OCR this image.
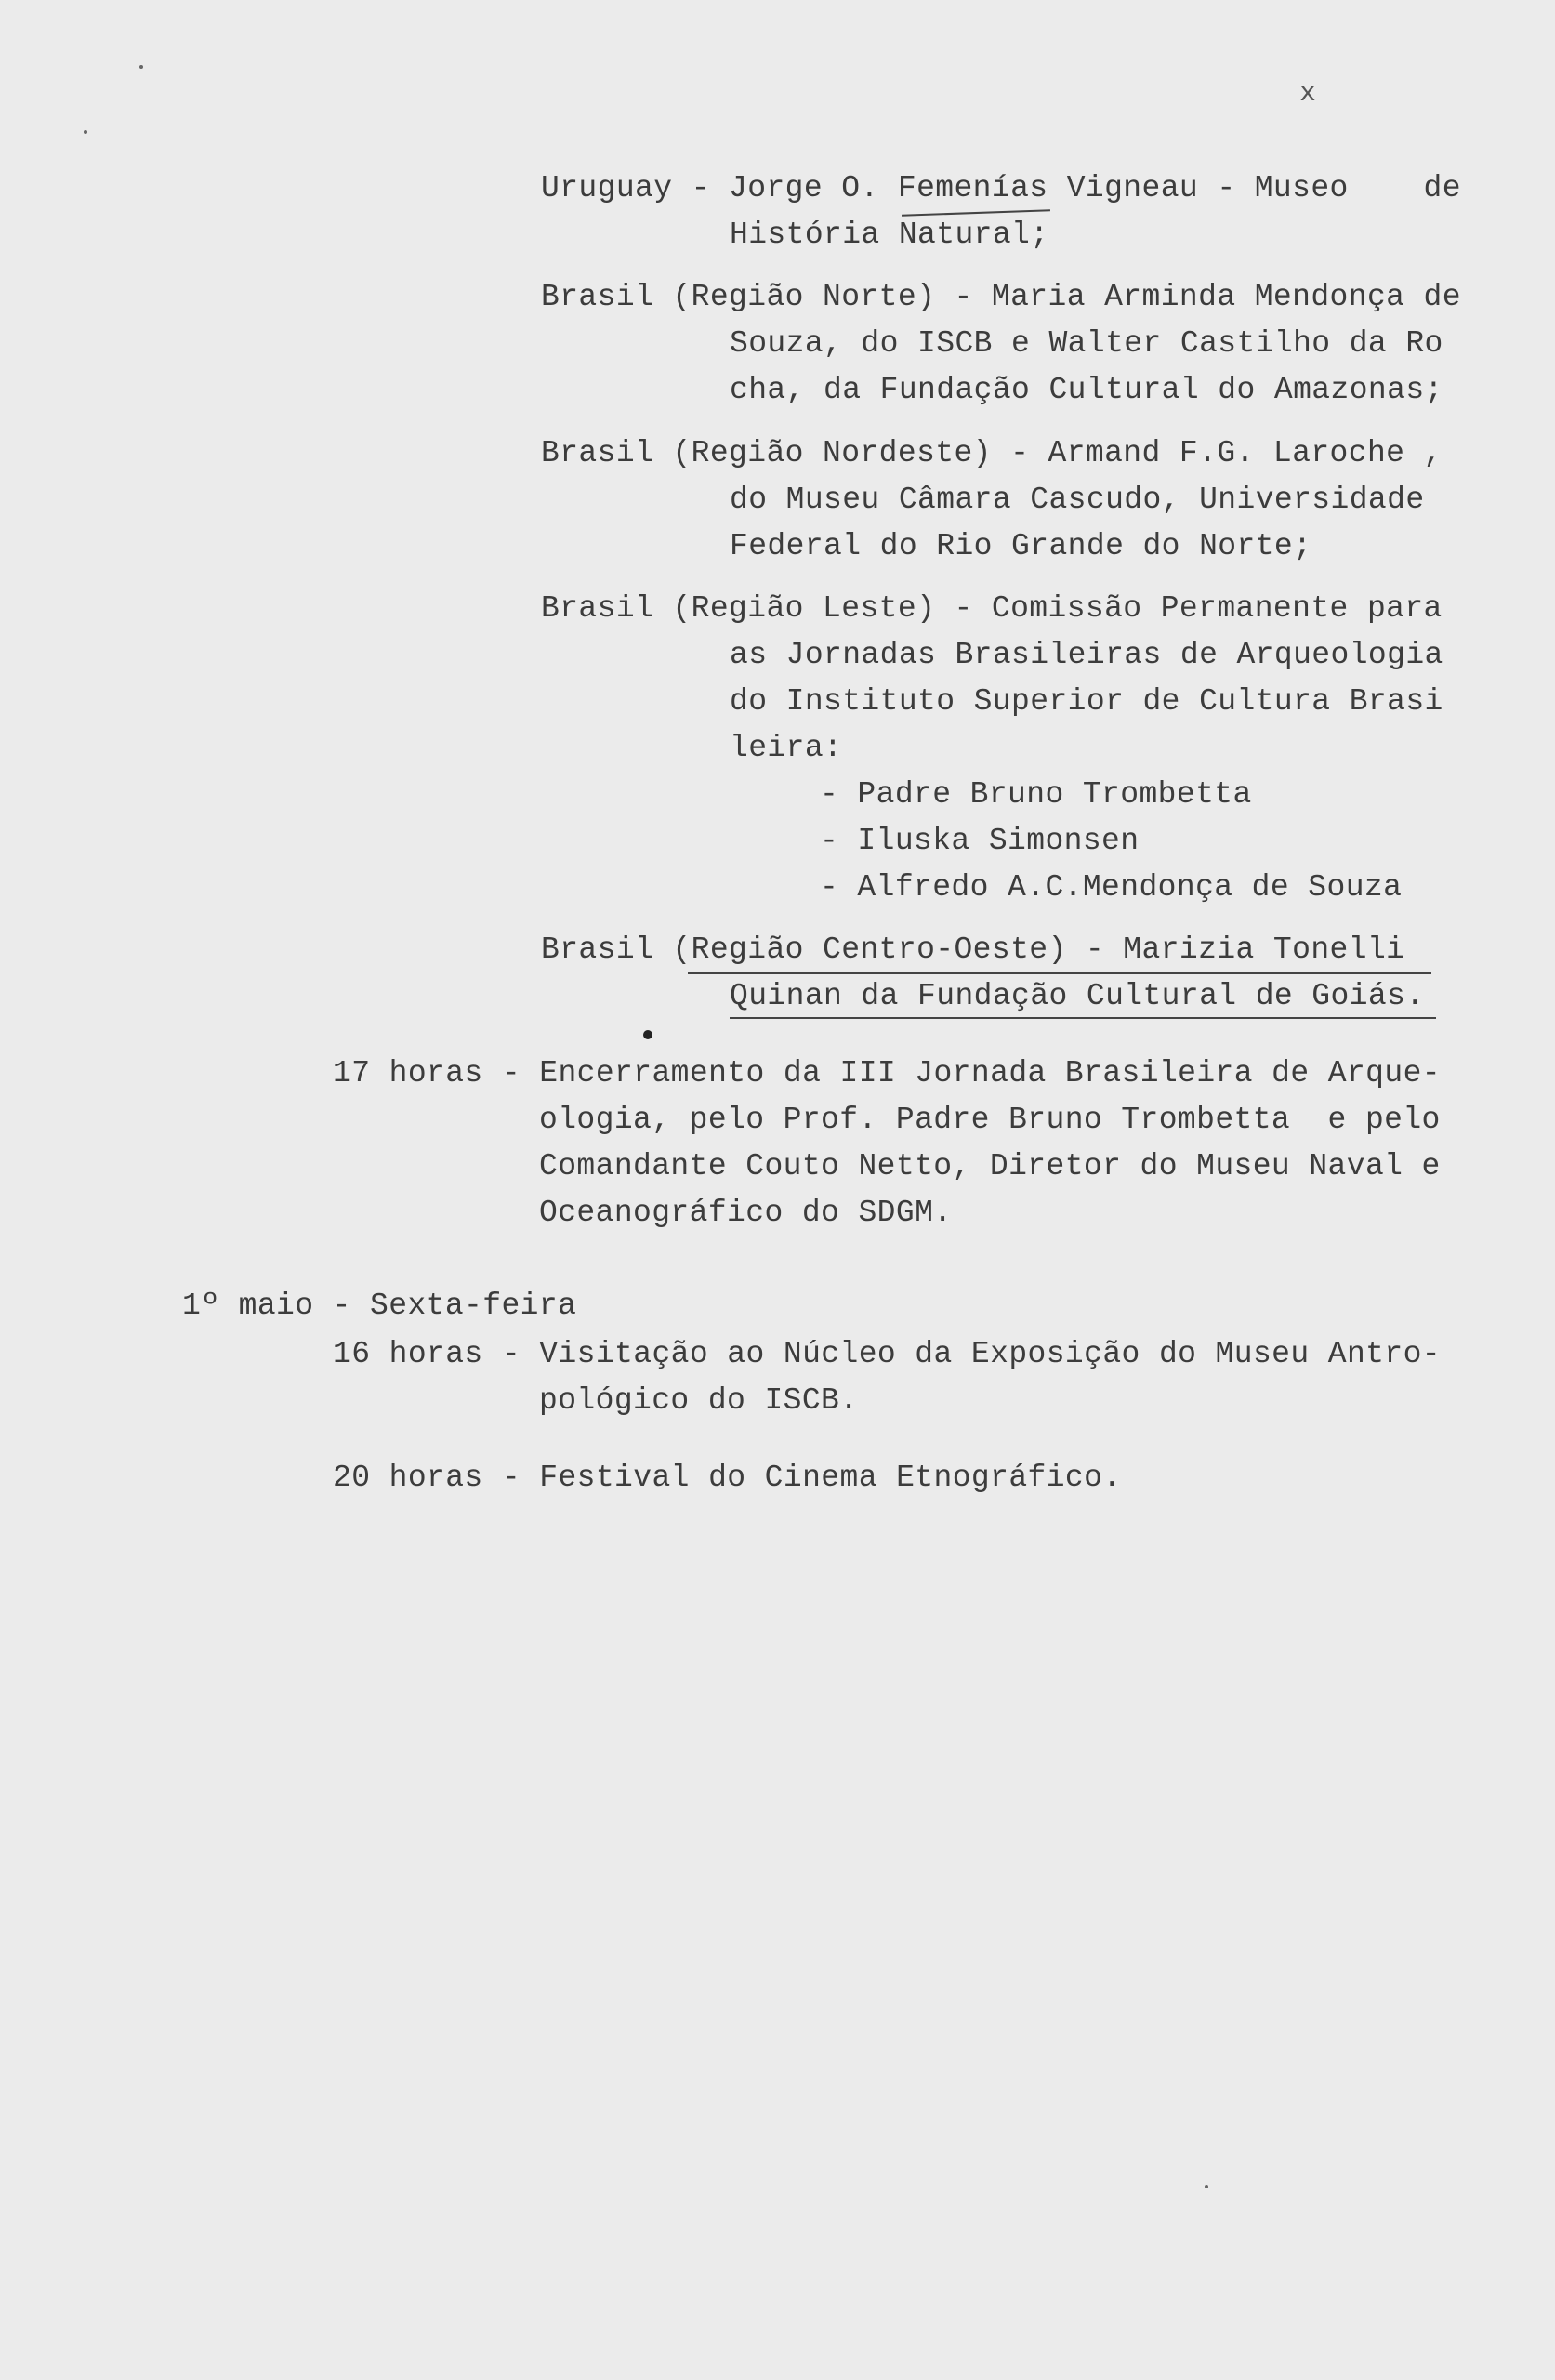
x
Uruguay - Jorge O. Femenías Vigneau - Museo    de
História Natural;
Brasil (Região Norte) - Maria Arminda Mendonça de
Souza, do ISCB e Walter Castilho da Ro
cha, da Fundação Cultural do Amazonas;
Brasil (Região Nordeste) - Armand F.G. Laroche ,
do Museu Câmara Cascudo, Universidade
Federal do Rio Grande do Norte;
Brasil (Região Leste) - Comissão Permanente para
as Jornadas Brasileiras de Arqueologia
do Instituto Superior de Cultura Brasi
leira:
- Padre Bruno Trombetta
- Iluska Simonsen
- Alfredo A.C.Mendonça de Souza
Brasil (Região Centro-Oeste) - Marizia Tonelli
Quinan da Fundação Cultural de Goiás.
17 horas - Encerramento da III Jornada Brasileira de Arque-
ologia, pelo Prof. Padre Bruno Trombetta  e pelo
Comandante Couto Netto, Diretor do Museu Naval e
Oceanográfico do SDGM.
1º maio - Sexta-feira
16 horas - Visitação ao Núcleo da Exposição do Museu Antro-
pológico do ISCB.
20 horas - Festival do Cinema Etnográfico.
